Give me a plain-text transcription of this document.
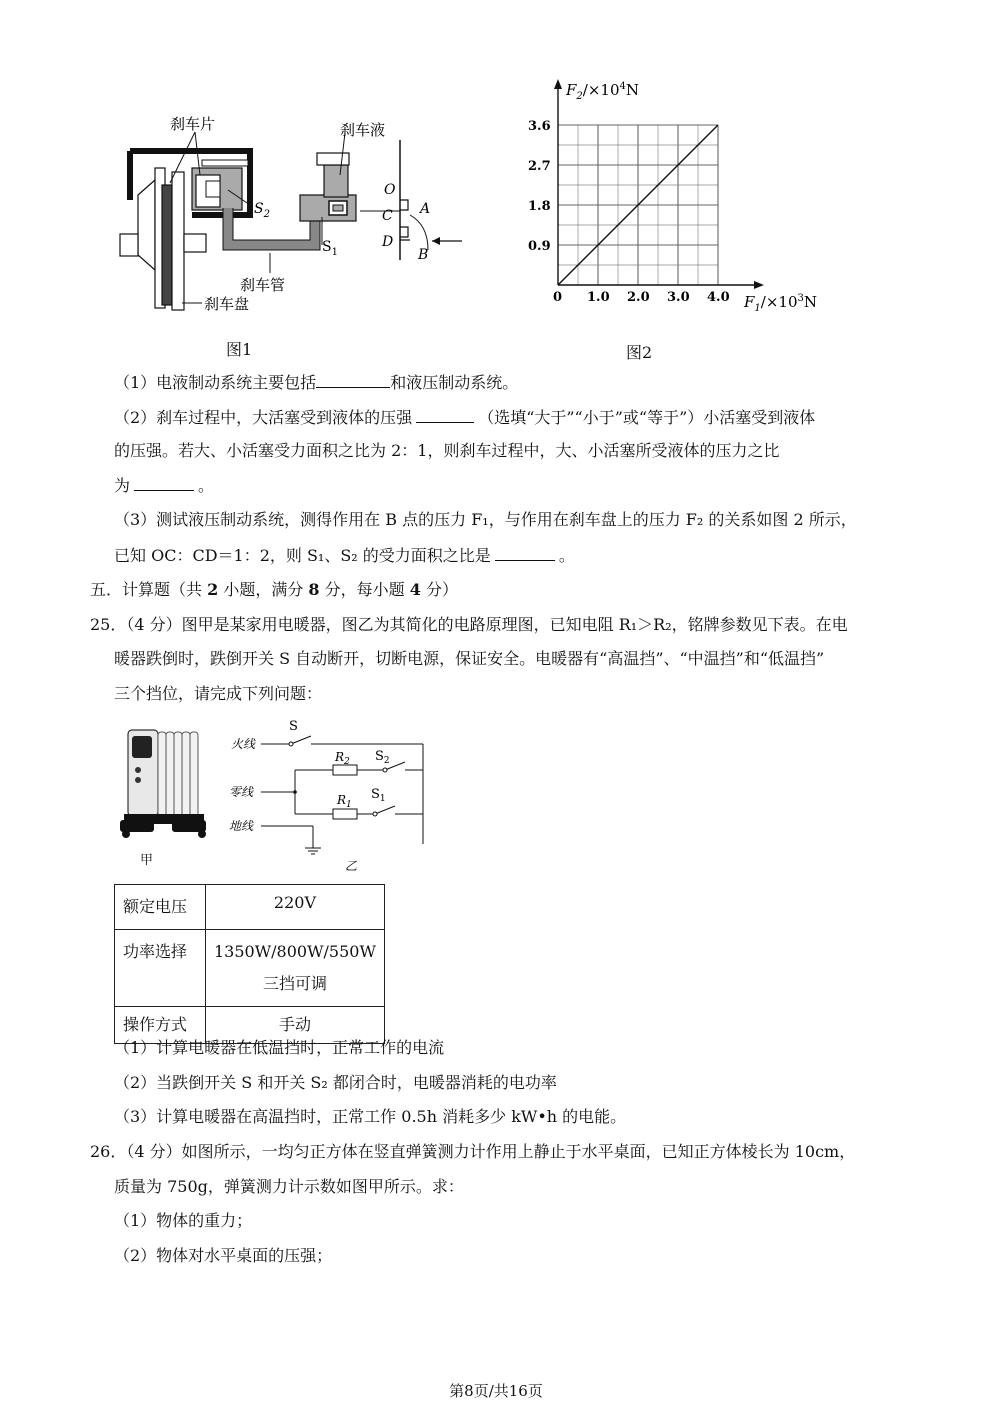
刹车片	刹车液
$S_2$
$S_1$
刹车管
刹车盘
O
A
C
D
B
图1
1.0 2.0 3.0 4.0
0.9
1.8
2.7
3.6
$F_2/\times 10^4N$
$F_1/\times 10^3N$
0
图2
（1）电液制动系统主要包括	和液压制动系统。
（2）刹车过程中，大活塞受到液体的压强	（选填“大于”“小于”或“等于”）小活塞受到液体
的压强。若大、小活塞受力面积之比为 2：1，则刹车过程中，大、小活塞所受液体的压力之比
为	。
（3）测试液压制动系统，测得作用在 B 点的压力 F₁，与作用在刹车盘上的压力 F₂ 的关系如图 2 所示，
已知 OC：CD＝1：2，则 S₁、S₂ 的受力面积之比是	。
五．计算题（共 2 小题，满分 8 分，每小题 4 分）
25．（4 分）图甲是某家用电暖器，图乙为其简化的电路原理图，已知电阻 R₁＞R₂，铭牌参数见下表。在电
暖器跌倒时，跌倒开关 S 自动断开，切断电源，保证安全。电暖器有“高温挡”、“中温挡”和“低温挡”
三个挡位，请完成下列问题：
甲
S
火线
零线
地线
$R_2$ $S_2$
$R_1$
$S_1$
乙
额定电压	220V
功率选择	1350W/800W/550W 三挡可调
操作方式	手动
（1）计算电暖器在低温挡时，正常工作的电流
（2）当跌倒开关 S 和开关 S₂ 都闭合时，电暖器消耗的电功率
（3）计算电暖器在高温挡时，正常工作 0.5h 消耗多少 kW•h 的电能。
26．（4 分）如图所示，一均匀正方体在竖直弹簧测力计作用上静止于水平桌面，已知正方体棱长为 10cm，
质量为 750g，弹簧测力计示数如图甲所示。求：
（1）物体的重力；
（2）物体对水平桌面的压强；
第8页/共16页
